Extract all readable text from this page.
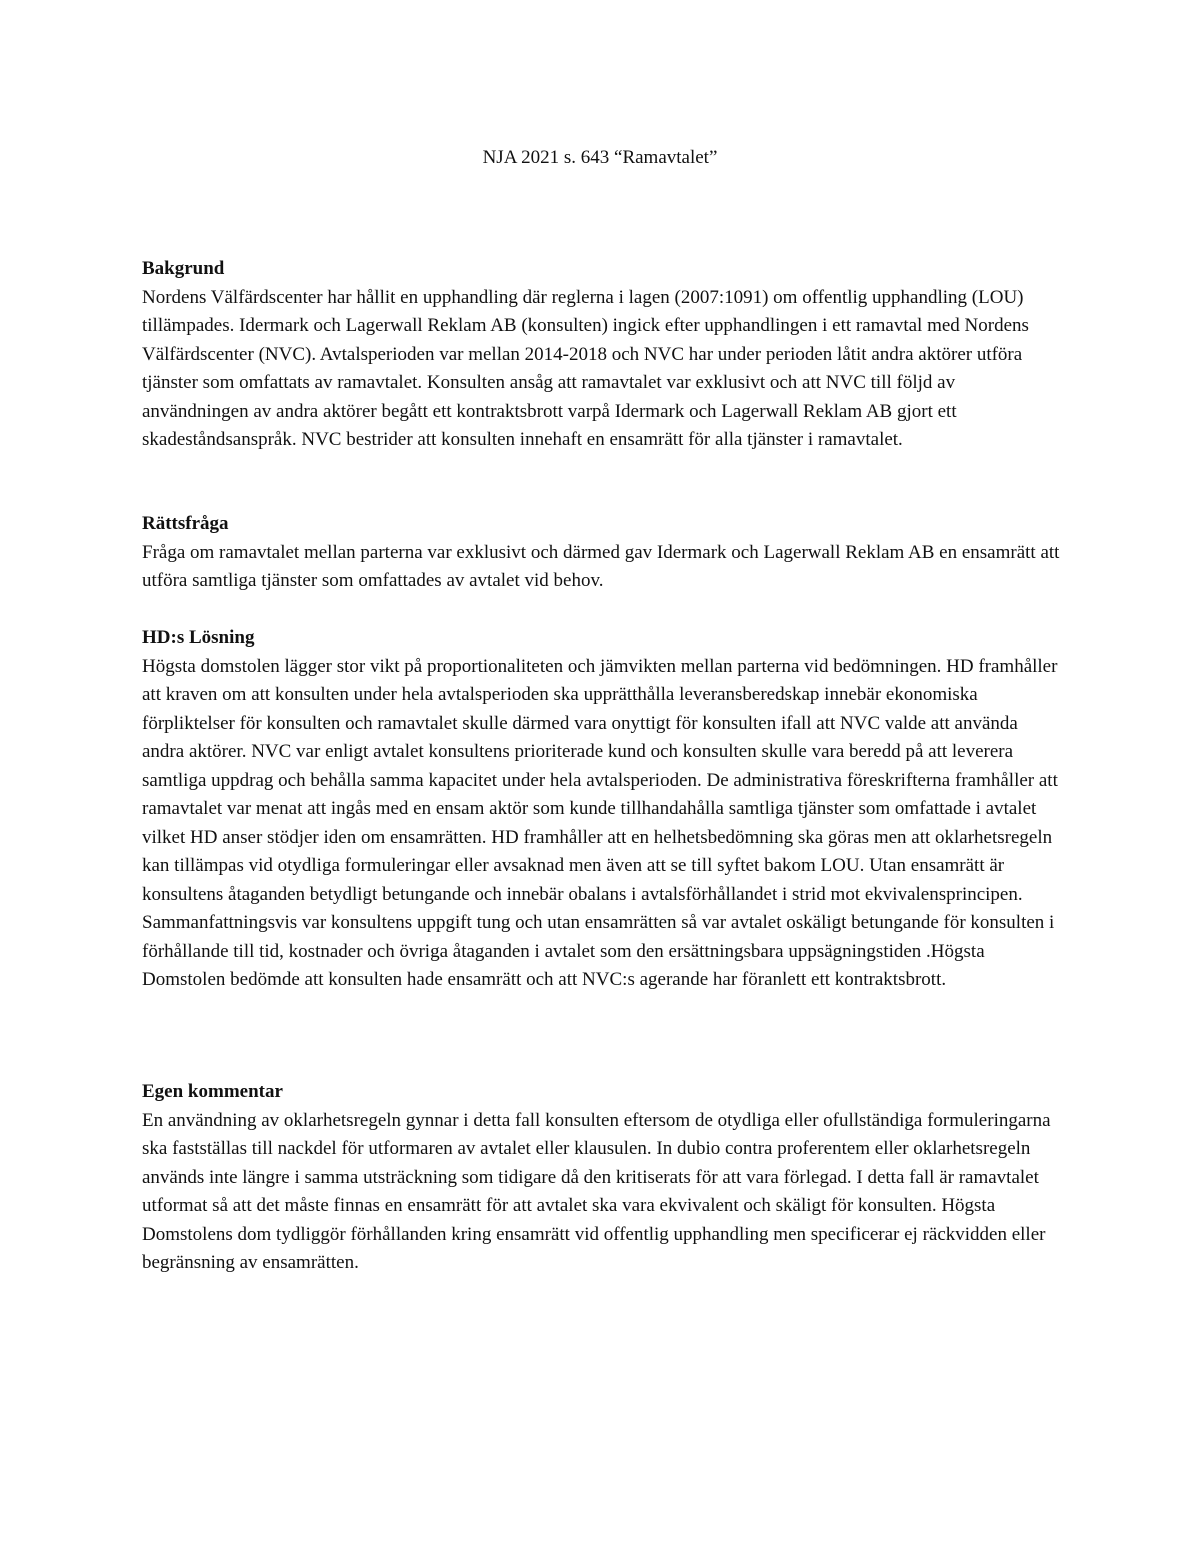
NJA 2021 s. 643 “Ramavtalet”
Bakgrund

Nordens Välfärdscenter har hållit en upphandling där reglerna i lagen (2007:1091) om offentlig upphandling (LOU) tillämpades. Idermark och Lagerwall Reklam AB (konsulten) ingick efter upphandlingen i ett ramavtal med Nordens Välfärdscenter (NVC). Avtalsperioden var mellan 2014-2018 och NVC har under perioden låtit andra aktörer utföra tjänster som omfattats av ramavtalet. Konsulten ansåg att ramavtalet var exklusivt och att NVC till följd av användningen av andra aktörer begått ett kontraktsbrott varpå Idermark och Lagerwall Reklam AB gjort ett skadeståndsanspråk. NVC bestrider att konsulten innehaft en ensamrätt för alla tjänster i ramavtalet.

Rättsfråga

Fråga om ramavtalet mellan parterna var exklusivt och därmed gav Idermark och Lagerwall Reklam AB en ensamrätt att utföra samtliga tjänster som omfattades av avtalet vid behov.

HD:s Lösning

Högsta domstolen lägger stor vikt på proportionaliteten och jämvikten mellan parterna vid bedömningen. HD framhåller att kraven om att konsulten under hela avtalsperioden ska upprätthålla leveransberedskap innebär ekonomiska förpliktelser för konsulten och ramavtalet skulle därmed vara onyttigt för konsulten ifall att NVC valde att använda andra aktörer. NVC var enligt avtalet konsultens prioriterade kund och konsulten skulle vara beredd på att leverera samtliga uppdrag och behålla samma kapacitet under hela avtalsperioden. De administrativa föreskrifterna framhåller att ramavtalet var menat att ingås med en ensam aktör som kunde tillhandahålla samtliga tjänster som omfattade i avtalet vilket HD anser stödjer iden om ensamrätten. HD framhåller att en helhetsbedömning ska göras men att oklarhetsregeln kan tillämpas vid otydliga formuleringar eller avsaknad men även att se till syftet bakom LOU. Utan ensamrätt är konsultens åtaganden betydligt betungande och innebär obalans i avtalsförhållandet i strid mot ekvivalensprincipen. Sammanfattningsvis var konsultens uppgift tung och utan ensamrätten så var avtalet oskäligt betungande för konsulten i förhållande till tid, kostnader och övriga åtaganden i avtalet som den ersättningsbara uppsägningstiden .Högsta Domstolen bedömde att konsulten hade ensamrätt och att NVC:s agerande har föranlett ett kontraktsbrott.

Egen kommentar

En användning av oklarhetsregeln gynnar i detta fall konsulten eftersom de otydliga eller ofullständiga formuleringarna ska fastställas till nackdel för utformaren av avtalet eller klausulen. In dubio contra proferentem eller oklarhetsregeln används inte längre i samma utsträckning som tidigare då den kritiserats för att vara förlegad. I detta fall är ramavtalet utformat så att det måste finnas en ensamrätt för att avtalet ska vara ekvivalent och skäligt för konsulten. Högsta Domstolens dom tydliggör förhållanden kring ensamrätt vid offentlig upphandling men specificerar ej räckvidden eller begränsning av ensamrätten.
